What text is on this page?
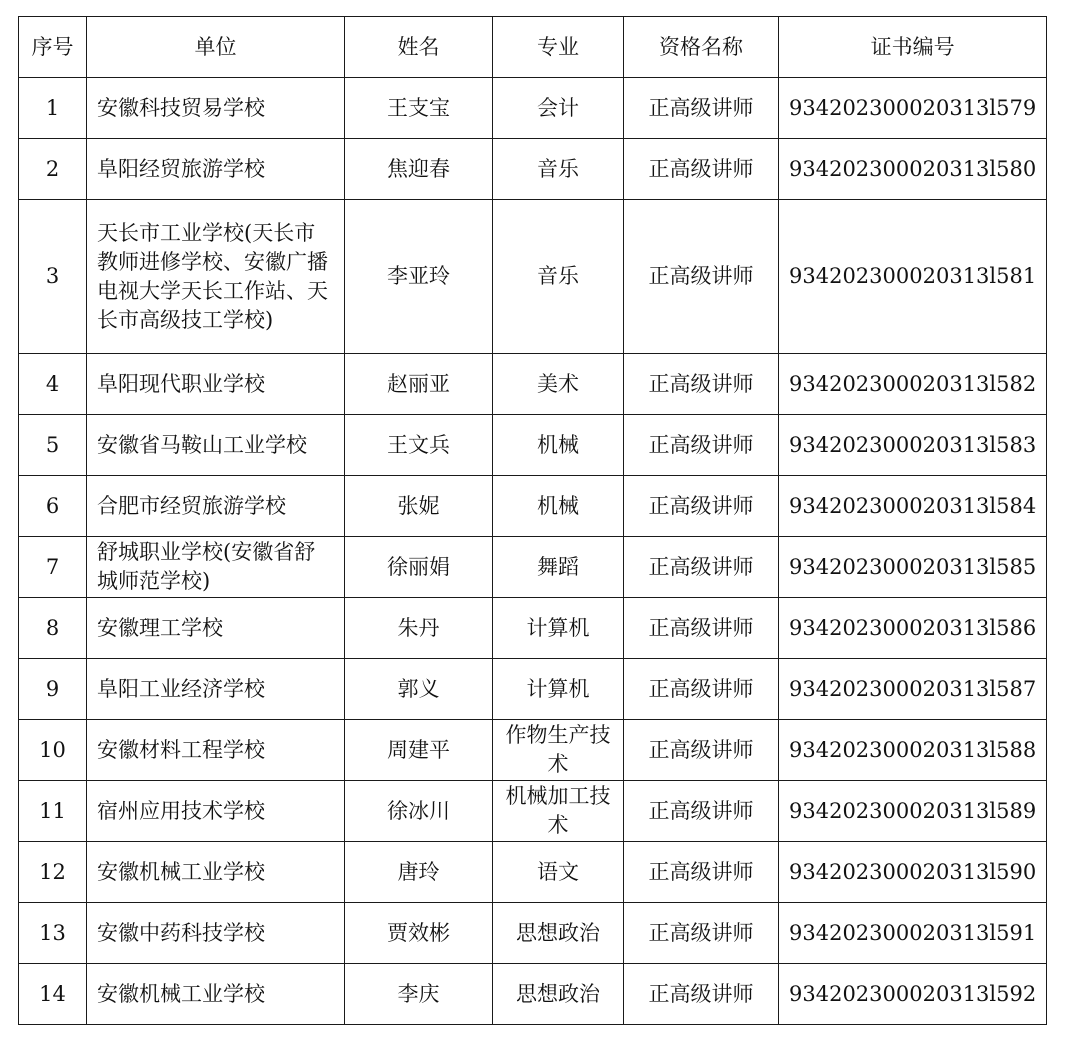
序号	单位	姓名	专业	资格名称	证书编号
1	安徽科技贸易学校	王支宝	会计	正高级讲师	934202300020313l579
2	阜阳经贸旅游学校	焦迎春	音乐	正高级讲师	934202300020313l580
3	天长市工业学校(天长市教师进修学校、安徽广播电视大学天长工作站、天长市高级技工学校)	李亚玲	音乐	正高级讲师	934202300020313l581
4	阜阳现代职业学校	赵丽亚	美术	正高级讲师	934202300020313l582
5	安徽省马鞍山工业学校	王文兵	机械	正高级讲师	934202300020313l583
6	合肥市经贸旅游学校	张妮	机械	正高级讲师	934202300020313l584
7	舒城职业学校(安徽省舒城师范学校)	徐丽娟	舞蹈	正高级讲师	934202300020313l585
8	安徽理工学校	朱丹	计算机	正高级讲师	934202300020313l586
9	阜阳工业经济学校	郭义	计算机	正高级讲师	934202300020313l587
10	安徽材料工程学校	周建平	作物生产技术	正高级讲师	934202300020313l588
11	宿州应用技术学校	徐冰川	机械加工技术	正高级讲师	934202300020313l589
12	安徽机械工业学校	唐玲	语文	正高级讲师	934202300020313l590
13	安徽中药科技学校	贾效彬	思想政治	正高级讲师	934202300020313l591
14	安徽机械工业学校	李庆	思想政治	正高级讲师	934202300020313l592
